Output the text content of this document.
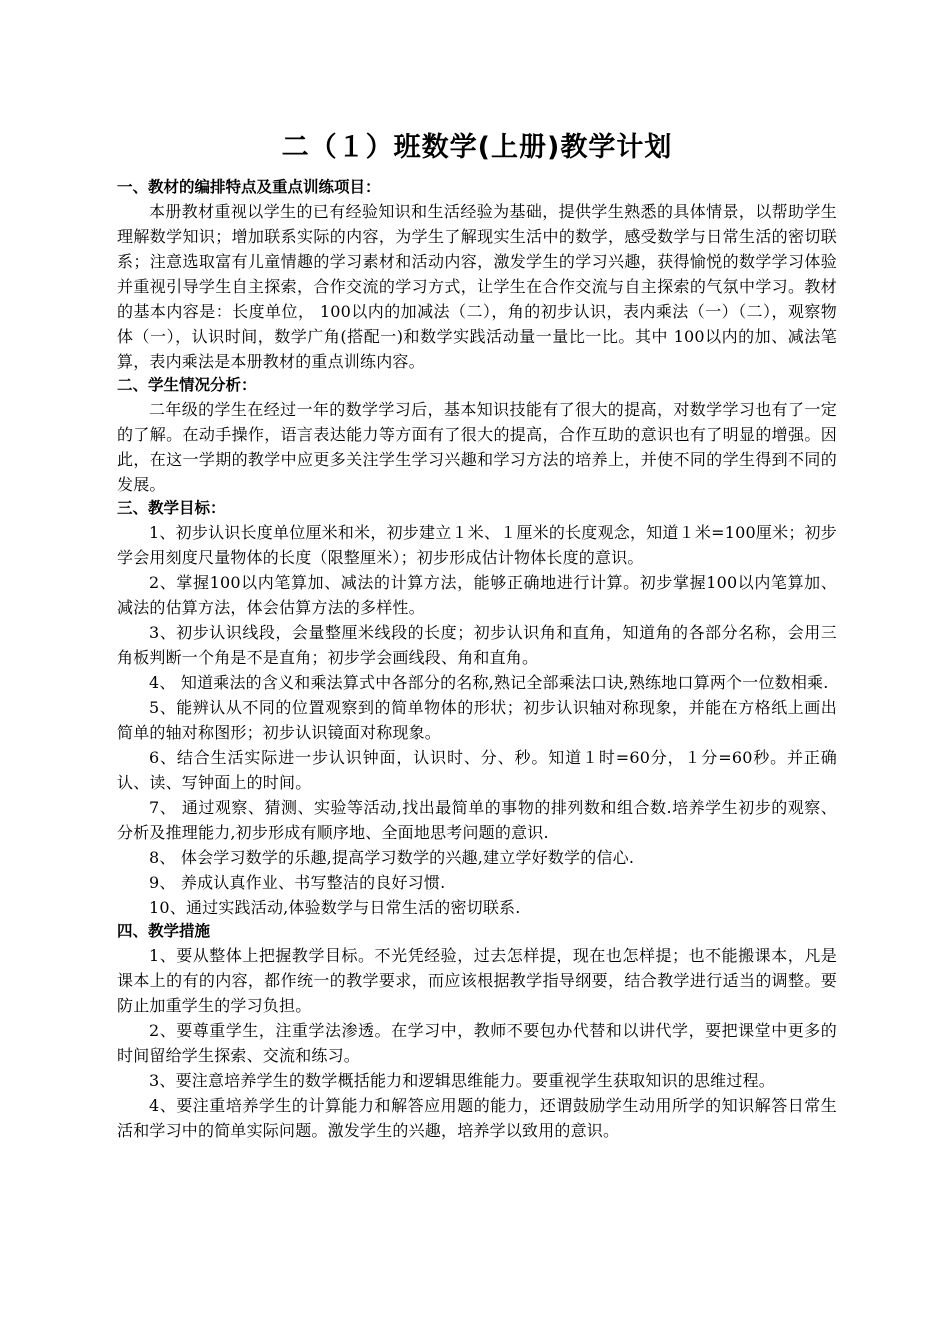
二（１）班数学(上册)教学计划
一、教材的编排特点及重点训练项目：

本册教材重视以学生的已有经验知识和生活经验为基础，提供学生熟悉的具体情景，以帮助学生理解数学知识；增加联系实际的内容，为学生了解现实生活中的数学，感受数学与日常生活的密切联系；注意选取富有儿童情趣的学习素材和活动内容，激发学生的学习兴趣，获得愉悦的数学学习体验并重视引导学生自主探索，合作交流的学习方式，让学生在合作交流与自主探索的气氛中学习。教材的基本内容是：长度单位， 100以内的加减法（二），角的初步认识，表内乘法（一）（二），观察物体（一），认识时间，数学广角(搭配一)和数学实践活动量一量比一比。其中 100以内的加、减法笔算，表内乘法是本册教材的重点训练内容。

二、学生情况分析：

二年级的学生在经过一年的数学学习后，基本知识技能有了很大的提高，对数学学习也有了一定的了解。在动手操作，语言表达能力等方面有了很大的提高，合作互助的意识也有了明显的增强。因此，在这一学期的教学中应更多关注学生学习兴趣和学习方法的培养上，并使不同的学生得到不同的发展。

三、教学目标：

1、初步认识长度单位厘米和米，初步建立１米、１厘米的长度观念，知道１米=100厘米；初步学会用刻度尺量物体的长度（限整厘米）；初步形成估计物体长度的意识。

2、掌握100以内笔算加、减法的计算方法，能够正确地进行计算。初步掌握100以内笔算加、减法的估算方法，体会估算方法的多样性。

3、初步认识线段，会量整厘米线段的长度；初步认识角和直角，知道角的各部分名称，会用三角板判断一个角是不是直角；初步学会画线段、角和直角。

4、 知道乘法的含义和乘法算式中各部分的名称,熟记全部乘法口诀,熟练地口算两个一位数相乘.

5、能辨认从不同的位置观察到的简单物体的形状；初步认识轴对称现象，并能在方格纸上画出简单的轴对称图形；初步认识镜面对称现象。

6、结合生活实际进一步认识钟面，认识时、分、秒。知道１时=60分，１分=60秒。并正确认、读、写钟面上的时间。

7、 通过观察、猜测、实验等活动,找出最简单的事物的排列数和组合数.培养学生初步的观察、分析及推理能力,初步形成有顺序地、全面地思考问题的意识.

8、 体会学习数学的乐趣,提高学习数学的兴趣,建立学好数学的信心.

9、 养成认真作业、书写整洁的良好习惯.

10、通过实践活动,体验数学与日常生活的密切联系.

四、教学措施

1、要从整体上把握教学目标。不光凭经验，过去怎样提，现在也怎样提；也不能搬课本，凡是课本上的有的内容，都作统一的教学要求，而应该根据教学指导纲要，结合教学进行适当的调整。要防止加重学生的学习负担。

2、要尊重学生，注重学法渗透。在学习中，教师不要包办代替和以讲代学，要把课堂中更多的时间留给学生探索、交流和练习。

3、要注意培养学生的数学概括能力和逻辑思维能力。要重视学生获取知识的思维过程。

4、要注重培养学生的计算能力和解答应用题的能力，还谓鼓励学生动用所学的知识解答日常生活和学习中的简单实际问题。激发学生的兴趣，培养学以致用的意识。
